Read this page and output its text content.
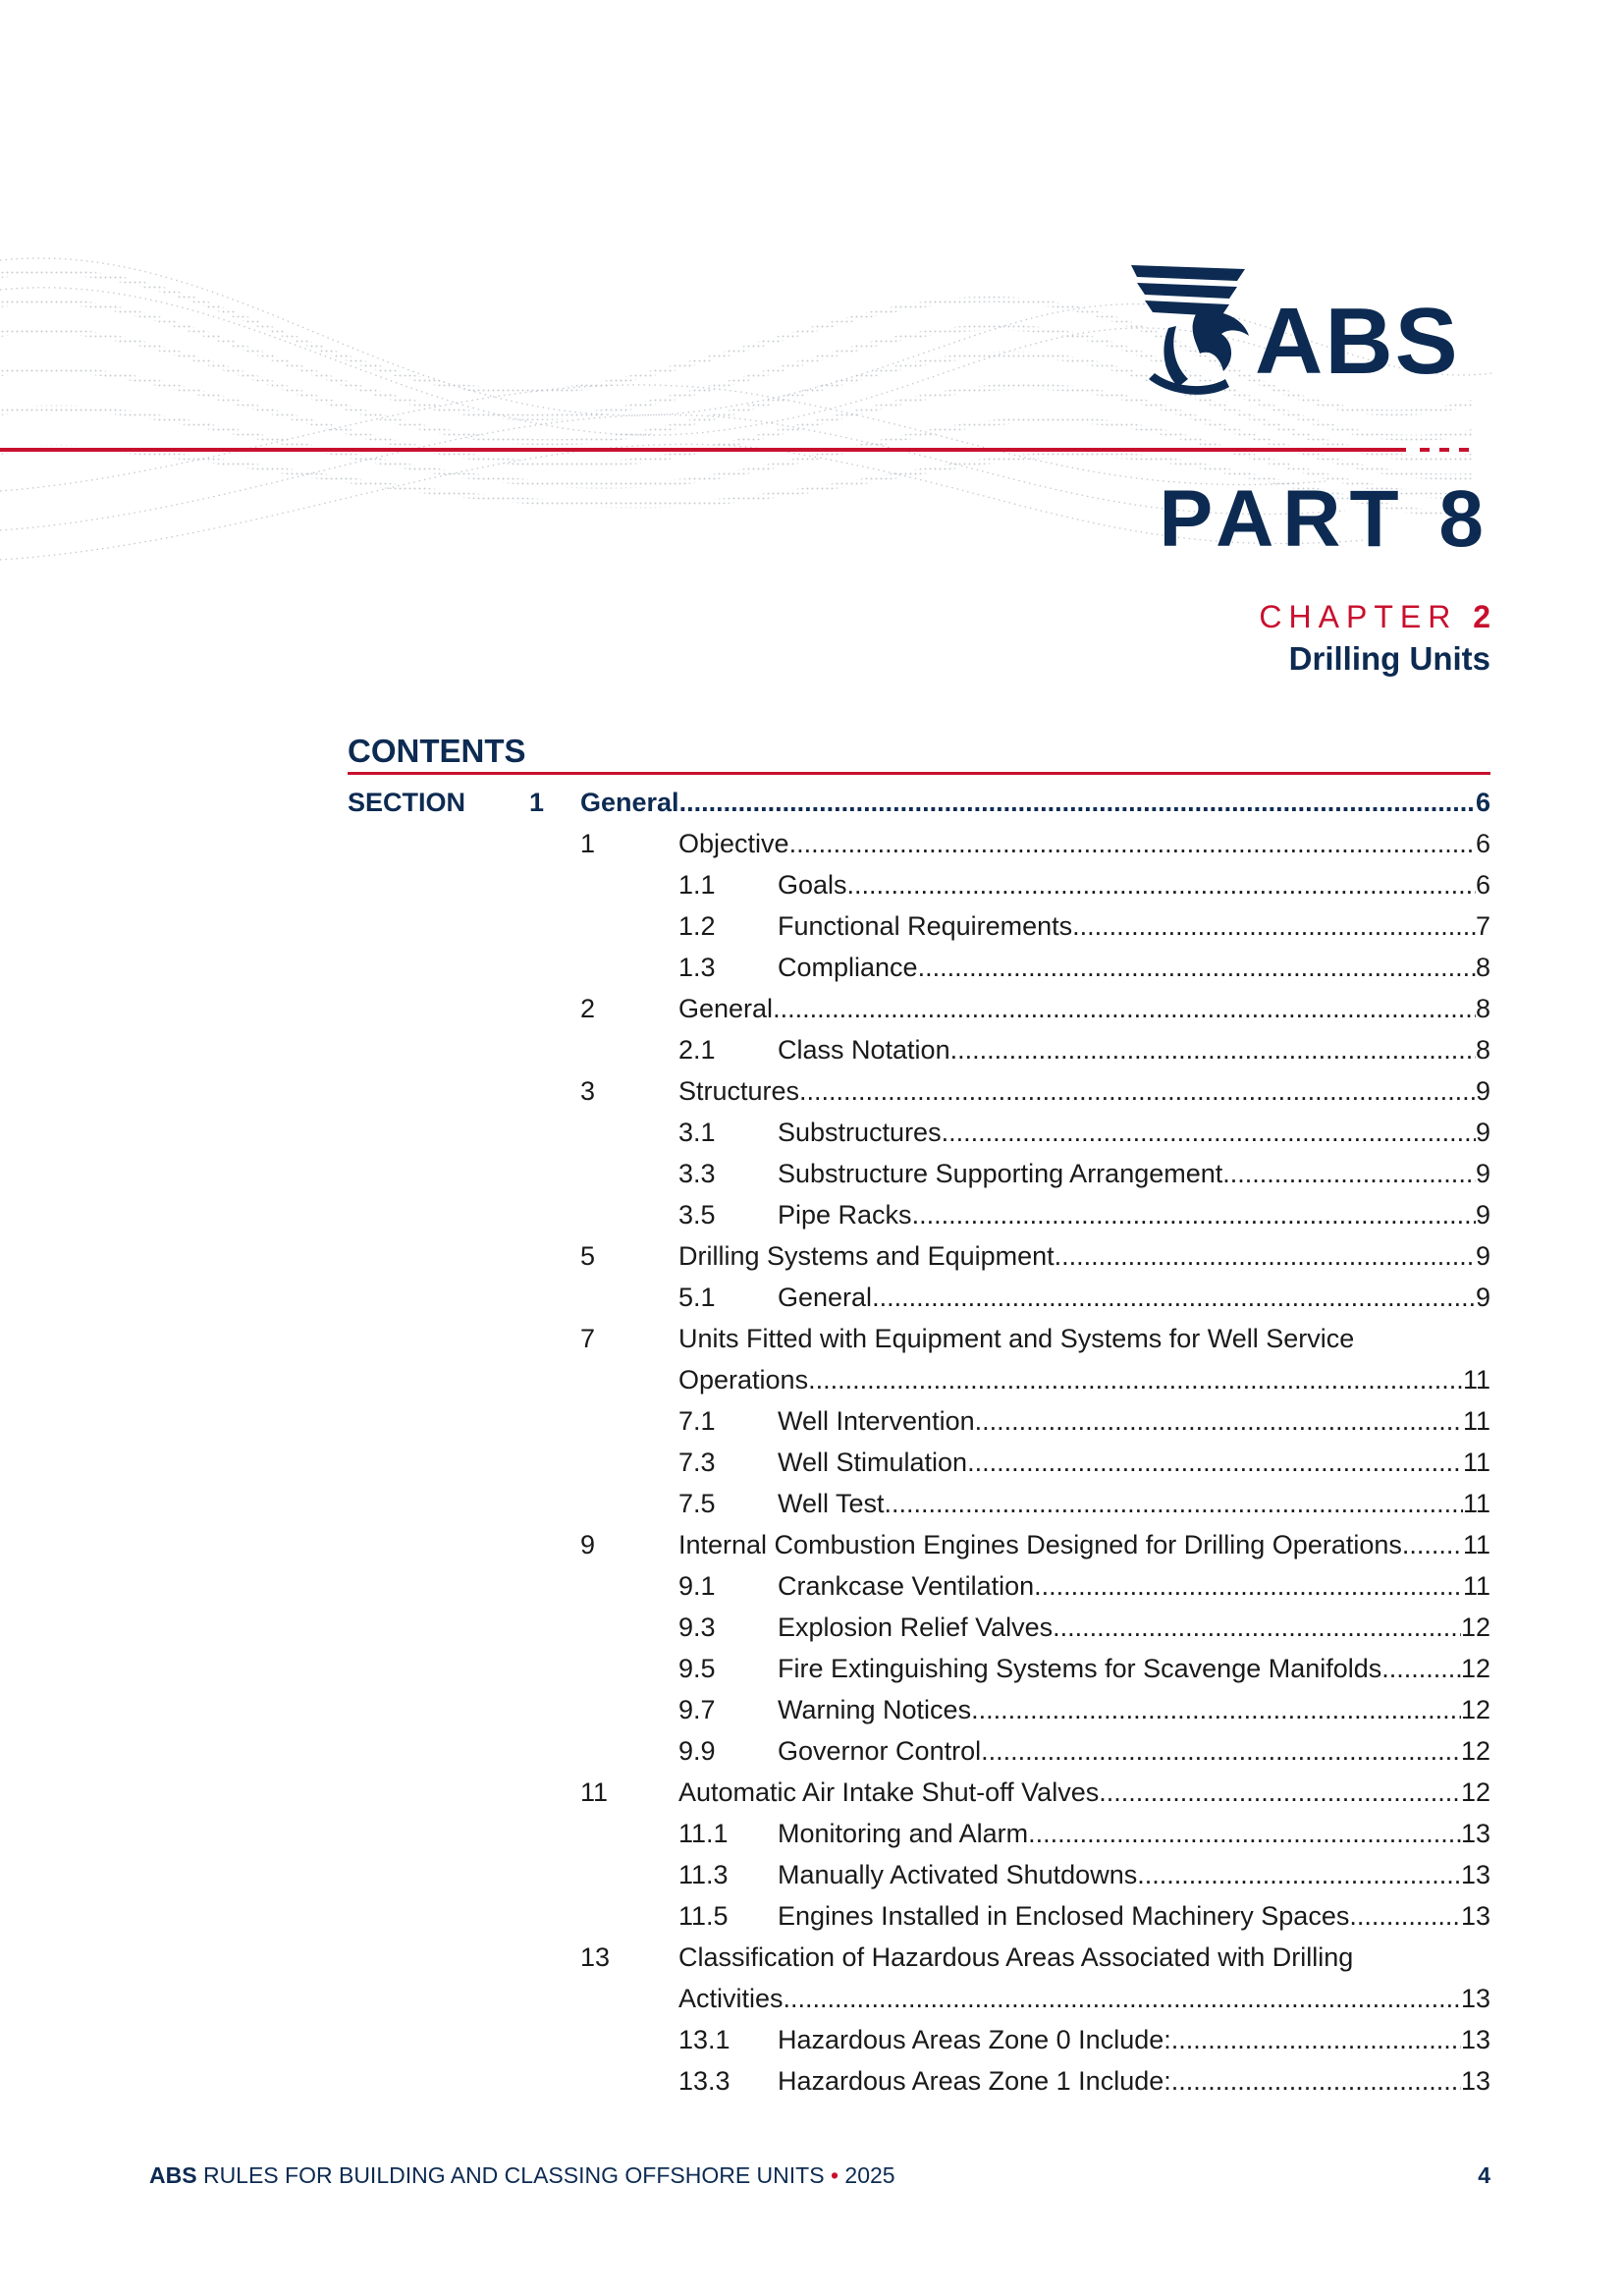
ABS
PART 8
CHAPTER 2
Drilling Units
CONTENTS
SECTION 1 General .....	6
1	Objective .....	6
1.1 Goals .....	6
1.2 Functional Requirements .....	7
1.3 Compliance .....	8
2	General .....	8
2.1 Class Notation .....	8
3	Structures .....	9
3.1 Substructures .....	9
3.3 Substructure Supporting Arrangement .....	9
3.5 Pipe Racks .....	9
5	Drilling Systems and Equipment .....	9
5.1 General .....	9
7	Units Fitted with Equipment and Systems for Well Service
Operations .....	11
7.1 Well Intervention .....	11
7.3 Well Stimulation .....	11
7.5 Well Test .....	11
9	Internal Combustion Engines Designed for Drilling Operations ..... 11
9.1 Crankcase Ventilation .....	11
9.3 Explosion Relief Valves .....	12
9.5 Fire Extinguishing Systems for Scavenge Manifolds .....	12
9.7 Warning Notices .....	12
9.9 Governor Control .....	12
11	Automatic Air Intake Shut-off Valves .....	12
11.1 Monitoring and Alarm .....	13
11.3 Manually Activated Shutdowns .....	13
11.5 Engines Installed in Enclosed Machinery Spaces .....	13
13	Classification of Hazardous Areas Associated with Drilling
Activities .....	13
13.1 Hazardous Areas Zone 0 Include: .....	13
13.3 Hazardous Areas Zone 1 Include: .....	13
ABS RULES FOR BUILDING AND CLASSING OFFSHORE UNITS • 2025	4
